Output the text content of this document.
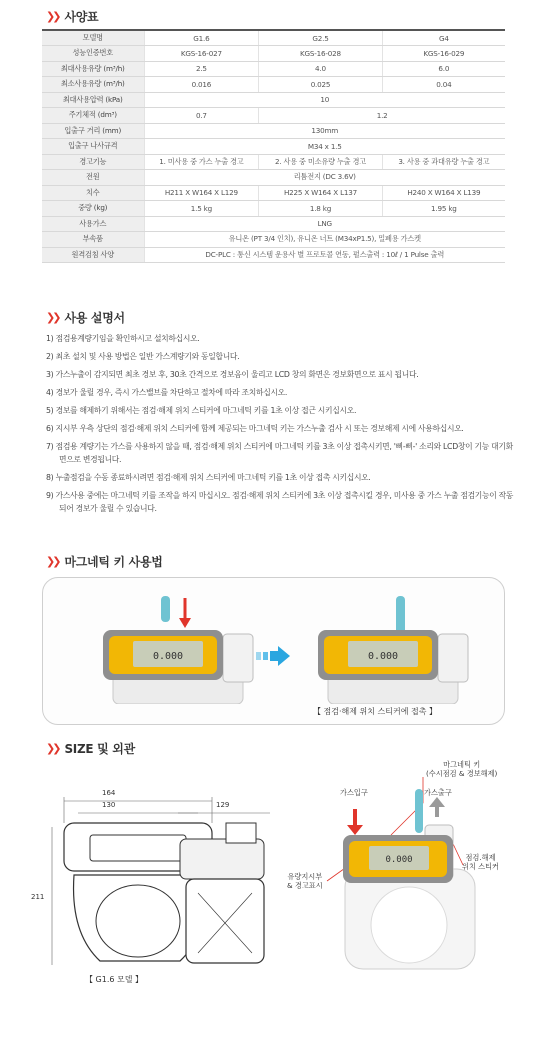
❯❯ 사양표
모델명	G1.6	G2.5	G4
성능인증번호	KGS-16-027	KGS-16-028	KGS-16-029
최대사용유량 (m³/h)	2.5	4.0	6.0
최소사용유량 (m³/h)	0.016	0.025	0.04
최대사용압력 (kPa)	10		
주기체적 (dm³)	0.7	1.2	
입출구 거리 (mm)	130mm		
입출구 나사규격	M34 x 1.5		
경고기능	1. 미사용 중 가스 누출 경고	2. 사용 중 미소유량 누출 경고	3. 사용 중 과대유량 누출 경고
전원	리튬전지 (DC 3.6V)		
치수	H211 X W164 X L129	H225 X W164 X L137	H240 X W164 X L139
중량 (kg)	1.5 kg	1.8 kg	1.95 kg
사용가스	LNG		
부속품	유니온 (PT 3/4 인치), 유니온 너트 (M34xP1.5), 밀폐용 가스켓		
원격검침 사양	DC-PLC : 통신 시스템 운용사 별 프로토콜 연동, 펄스출력 : 10ℓ / 1 Pulse 출력		
❯❯ 사용 설명서
1) 점검용계량기임을 확인하시고 설치하십시오.
2) 최초 설치 및 사용 방법은 일반 가스계량기와 동일합니다.
3) 가스누출이 감지되면 최초 경보 후, 30초 간격으로 경보음이 울리고 LCD 창의 화면은 경보화면으로 표시 됩니다.
4) 경보가 울릴 경우, 즉시 가스밸브를 차단하고 절차에 따라 조치하십시오.
5) 경보를 해제하기 위해서는 점검·해제 위치 스티커에 마그네틱 키를 1초 이상 접근 시키십시오.
6) 지시부 우측 상단의 점검·해제 위치 스티커에 함께 제공되는 마그네틱 키는 가스누출 검사 시 또는 경보해제 시에 사용하십시오.
7) 점검용 계량기는 가스를 사용하지 않을 때, 점검·해제 위치 스티커에 마그네틱 키를 3초 이상 접촉시키면, '삐-삐-' 소리와 LCD창이 기능 대기화면으로 변경됩니다.
8) 누출점검을 수동 종료하시려면 점검·해제 위치 스티커에 마그네틱 키를 1초 이상 접촉 시키십시오.
9) 가스사용 중에는 마그네틱 키를 조작을 하지 마십시오. 점검·해제 위치 스티커에 3초 이상 접촉시킬 경우, 미사용 중 가스 누출 점검기능이 작동되어 경보가 울릴 수 있습니다.
❯❯ 마그네틱 키 사용법
0.000	0.000
【 점검·해제 위치 스티커에 접촉 】
❯❯ SIZE 및 외관
164
130	129
211
【 G1.6 모델 】
0.000
가스입구	가스출구
마그네틱 키
(수시점검 & 경보해제)
점검.해제
위치 스티커
유량지시부
& 경고표시
